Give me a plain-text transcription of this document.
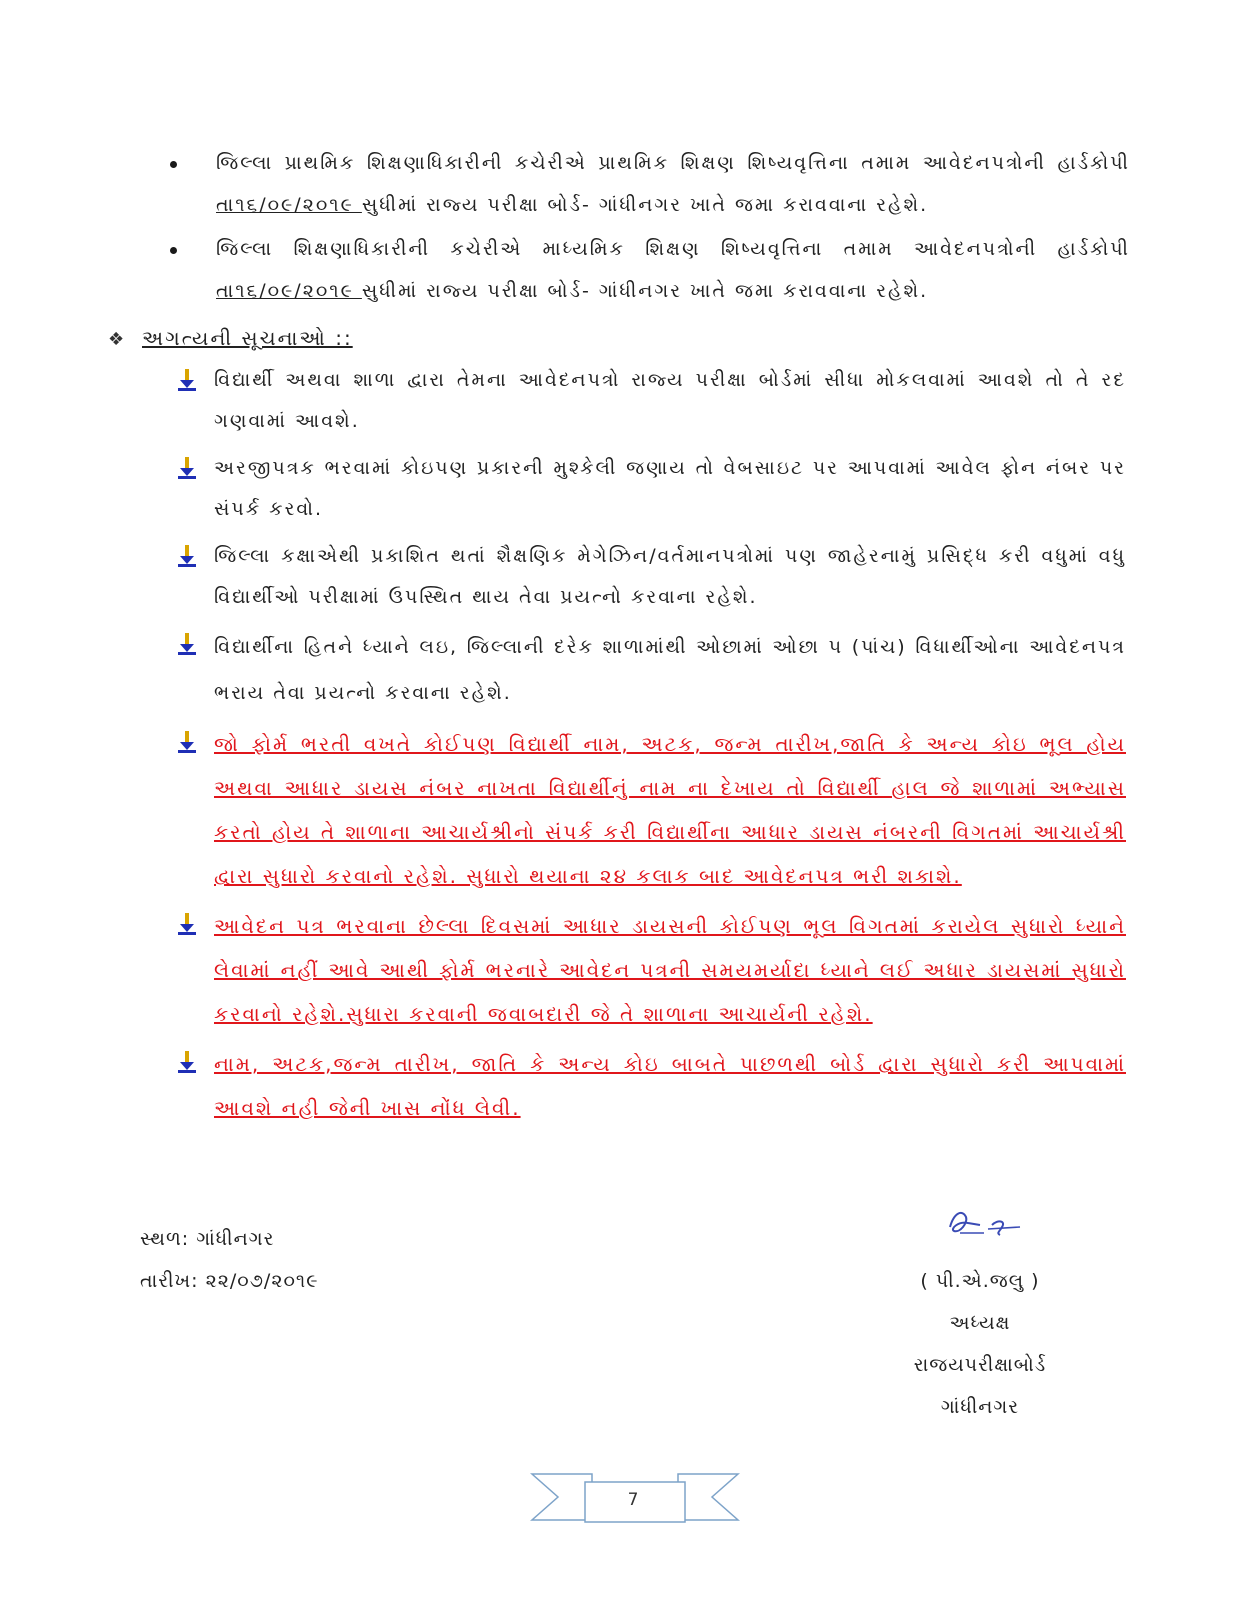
જિલ્લા પ્રાથમિક શિક્ષણાધિકારીની કચેરીએ પ્રાથમિક શિક્ષણ શિષ્યવૃત્તિના તમામ આવેદનપત્રોની હાર્ડકોપી તા૧૬/૦૯/૨૦૧૯ સુધીમાં રાજ્ય પરીક્ષા બોર્ડ- ગાંધીનગર ખાતે જમા કરાવવાના રહેશે.
જિલ્લા શિક્ષણાધિકારીની કચેરીએ માધ્યમિક શિક્ષણ શિષ્યવૃત્તિના તમામ આવેદનપત્રોની હાર્ડકોપી તા૧૬/૦૯/૨૦૧૯ સુધીમાં રાજ્ય પરીક્ષા બોર્ડ- ગાંધીનગર ખાતે જમા કરાવવાના રહેશે.
❖ અગત્યની સૂચનાઓ ::
વિદ્યાર્થી અથવા શાળા દ્વારા તેમના આવેદનપત્રો રાજ્ય પરીક્ષા બોર્ડમાં સીધા મોકલવામાં આવશે તો તે રદ ગણવામાં આવશે.
અરજીપત્રક ભરવામાં કોઇપણ પ્રકારની મુશ્કેલી જણાય તો વેબસાઇટ પર આપવામાં આવેલ ફોન નંબર પર સંપર્ક કરવો.
જિલ્લા કક્ષાએથી પ્રકાશિત થતાં શૈક્ષણિક મેગેઝિન/વર્તમાનપત્રોમાં પણ જાહેરનામું પ્રસિદ્ધ કરી વધુમાં વધુ વિદ્યાર્થીઓ પરીક્ષામાં ઉપસ્થિત થાય તેવા પ્રયત્નો કરવાના રહેશે.
વિદ્યાર્થીના હિતને ધ્યાને લઇ, જિલ્લાની દરેક શાળામાંથી ઓછામાં ઓછા ૫ (પાંચ) વિધાર્થીઓના આવેદનપત્ર ભરાય તેવા પ્રયત્નો કરવાના રહેશે.
જો ફોર્મ ભરતી વખતે કોઈપણ વિદ્યાર્થી નામ, અટક, જન્મ તારીખ,જાતિ કે અન્ય કોઇ ભૂલ હોય અથવા આધાર ડાયસ નંબર નાખતા વિદ્યાર્થીનું નામ ના દેખાય તો વિદ્યાર્થી હાલ જે શાળામાં અભ્યાસ કરતો હોય તે શાળાના આચાર્યશ્રીનો સંપર્ક કરી વિદ્યાર્થીના આધાર ડાયસ નંબરની વિગતમાં આચાર્યશ્રી દ્વારા સુધારો કરવાનો રહેશે. સુધારો થયાના ૨૪ કલાક બાદ આવેદનપત્ર ભરી શકાશે.
આવેદન પત્ર ભરવાના છેલ્લા દિવસમાં આધાર ડાયસની કોઈપણ ભૂલ વિગતમાં કરાયેલ સુધારો ધ્યાને લેવામાં નહીં આવે આથી ફોર્મ ભરનારે આવેદન પત્રની સમયમર્યાદા ધ્યાને લઈ અધાર ડાયસમાં સુધારો કરવાનો રહેશે.સુધારા કરવાની જવાબદારી જે તે શાળાના આચાર્યની રહેશે.
નામ, અટક,જન્મ તારીખ, જાતિ કે અન્ય કોઇ બાબતે પાછળથી બોર્ડ દ્વારા સુધારો કરી આપવામાં આવશે નહી જેની ખાસ નોંધ લેવી.
સ્થળ: ગાંધીનગર
તારીખ: ૨૨/૦૭/૨૦૧૯	( પી.એ.જલુ )
અધ્યક્ષ
રાજયપરીક્ષાબોર્ડ
ગાંધીનગર
7
